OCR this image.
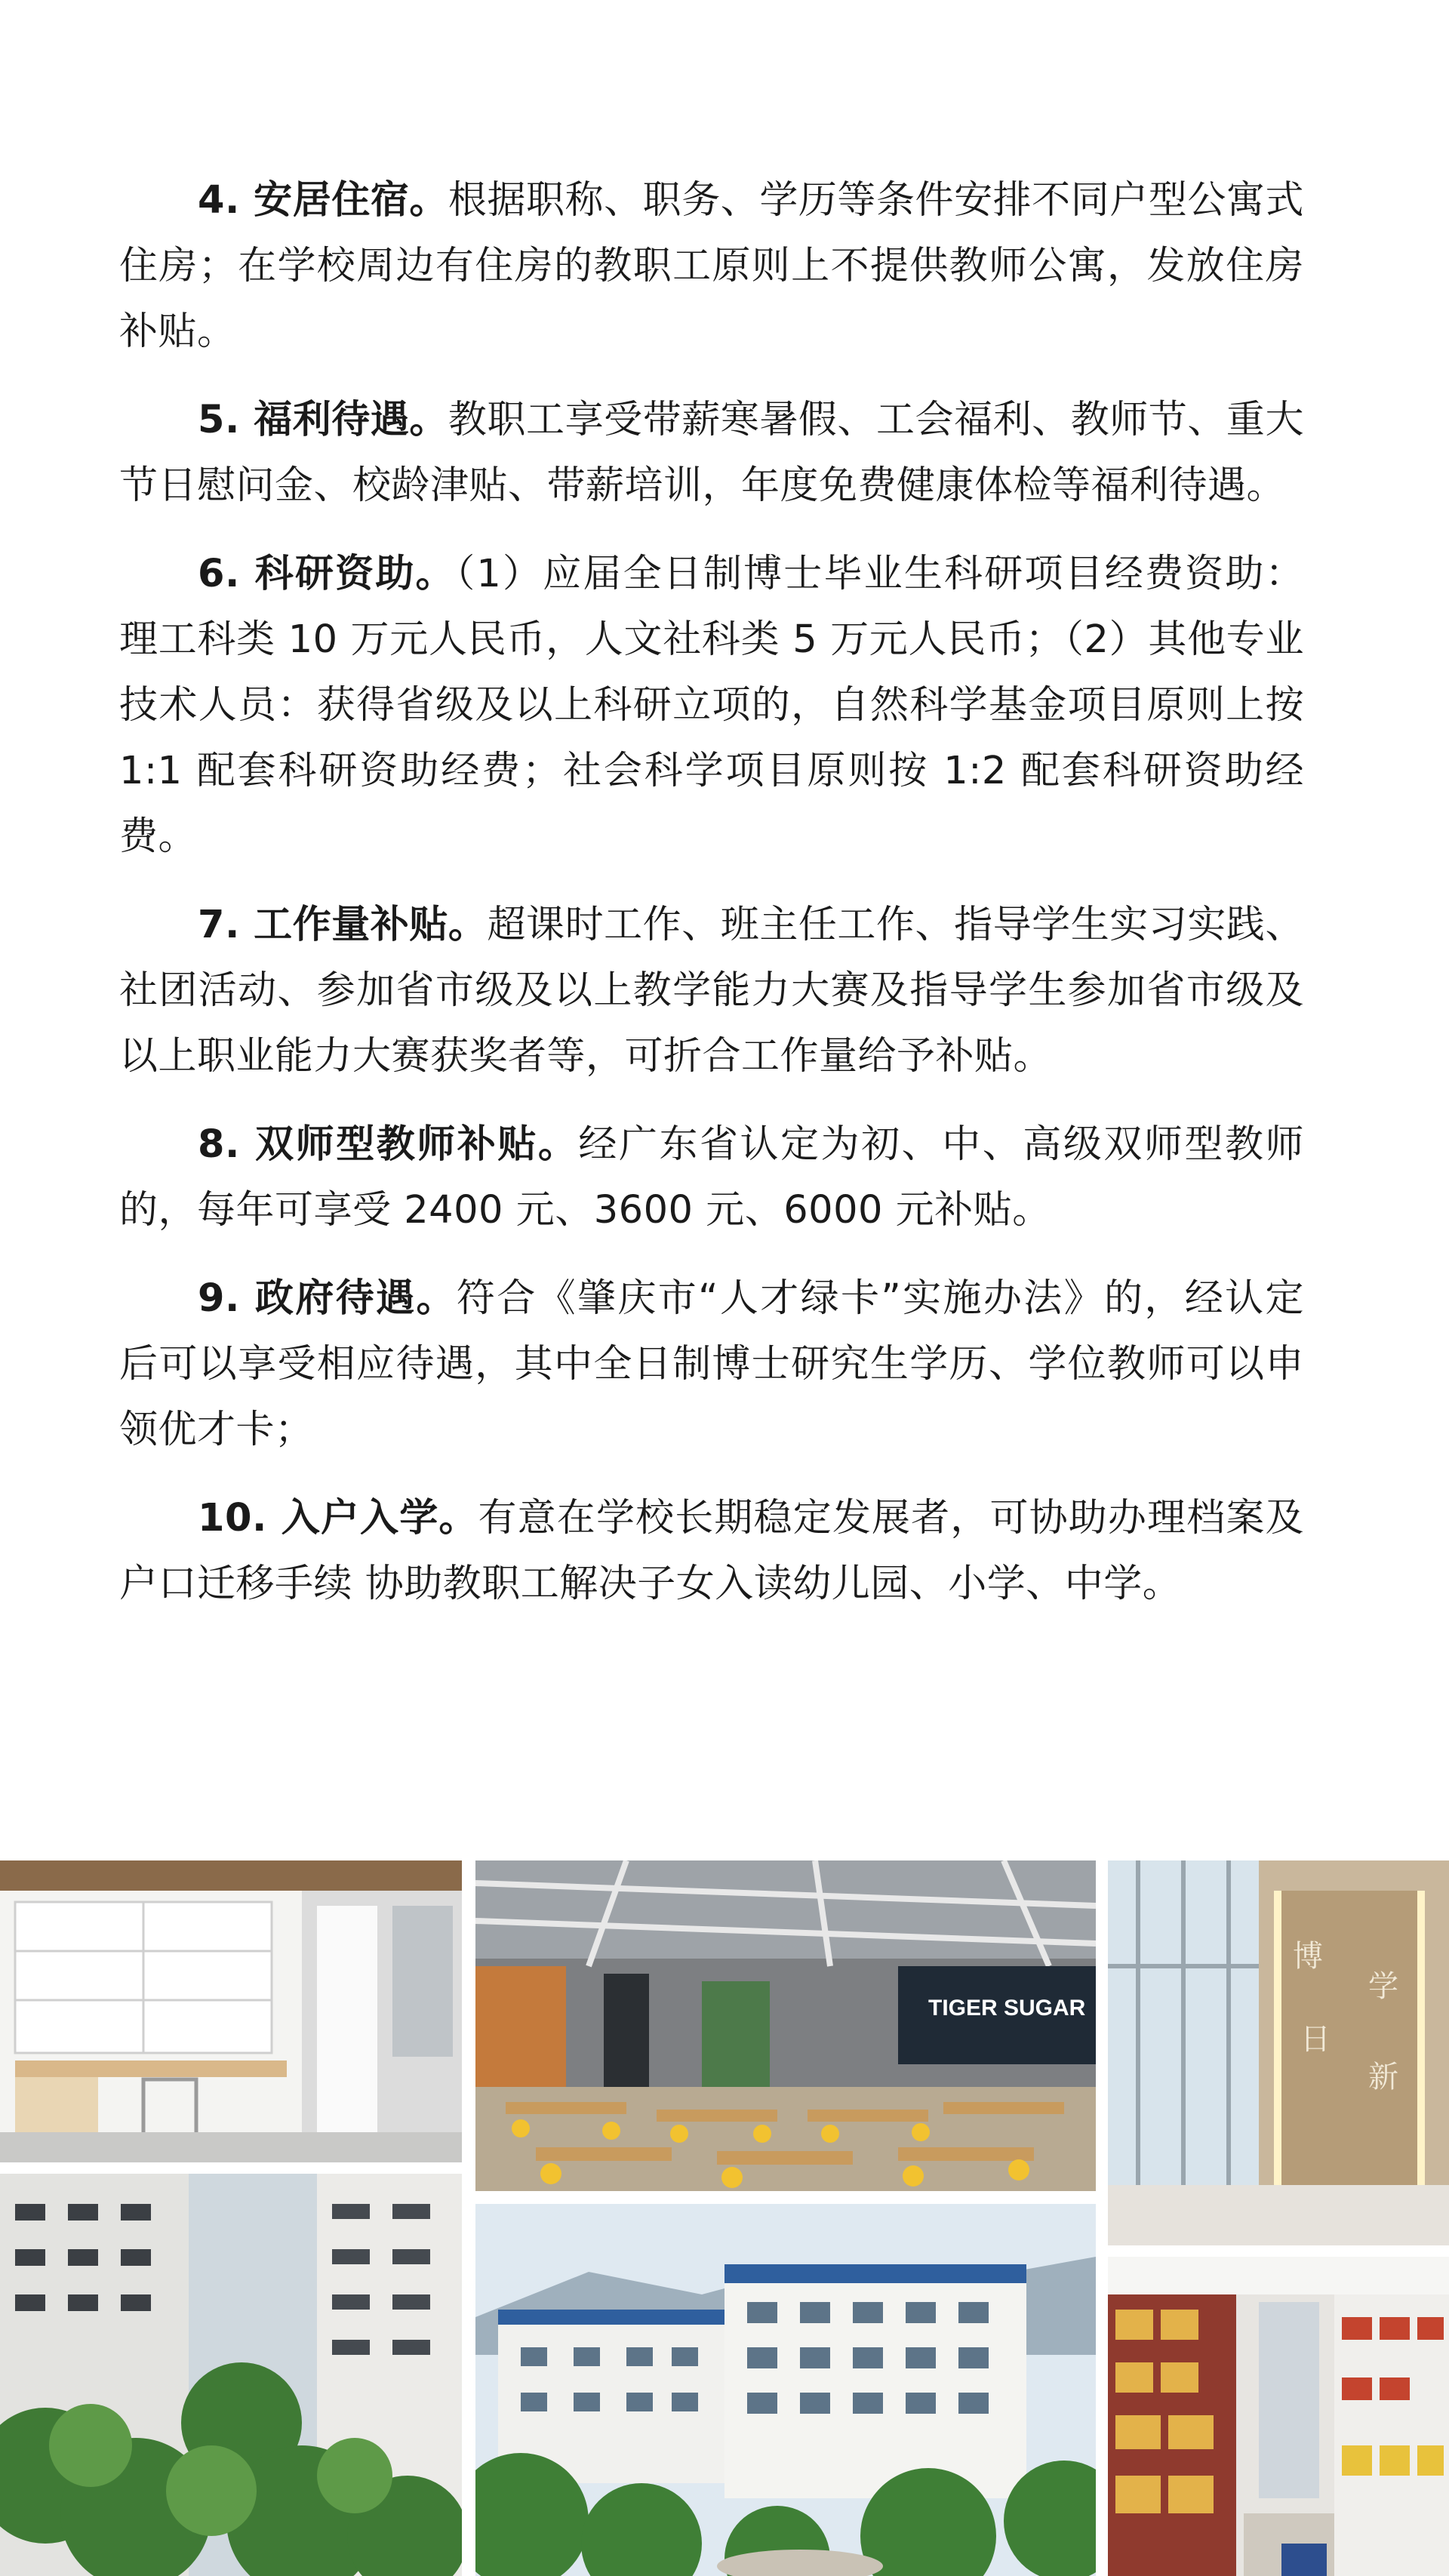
4. 安居住宿。根据职称、职务、学历等条件安排不同户型公寓式住房；在学校周边有住房的教职工原则上不提供教师公寓，发放住房补贴。

5. 福利待遇。教职工享受带薪寒暑假、工会福利、教师节、重大节日慰问金、校龄津贴、带薪培训，年度免费健康体检等福利待遇。

6. 科研资助。（1）应届全日制博士毕业生科研项目经费资助：理工科类 10 万元人民币，人文社科类 5 万元人民币；（2）其他专业技术人员：获得省级及以上科研立项的，自然科学基金项目原则上按 1:1 配套科研资助经费；社会科学项目原则按 1:2 配套科研资助经费。

7. 工作量补贴。超课时工作、班主任工作、指导学生实习实践、社团活动、参加省市级及以上教学能力大赛及指导学生参加省市级及以上职业能力大赛获奖者等，可折合工作量给予补贴。

8. 双师型教师补贴。经广东省认定为初、中、高级双师型教师的，每年可享受 2400 元、3600 元、6000 元补贴。

9. 政府待遇。符合《肇庆市“人才绿卡”实施办法》的，经认定后可以享受相应待遇，其中全日制博士研究生学历、学位教师可以申领优才卡；

10. 入户入学。有意在学校长期稳定发展者，可协助办理档案及户口迁移手续 协助教职工解决子女入读幼儿园、小学、中学。

TIGER SUGAR
博
学
日
新
